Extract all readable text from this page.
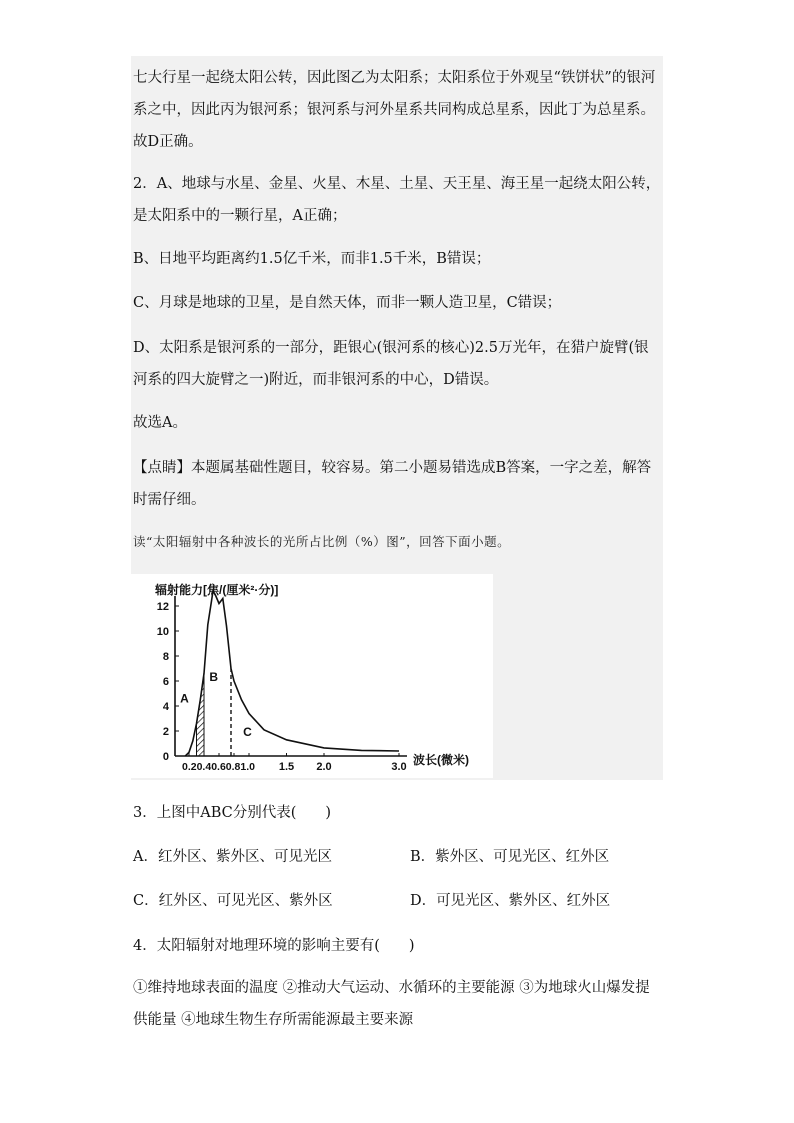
七大行星一起绕太阳公转，因此图乙为太阳系；太阳系位于外观呈“铁饼状”的银河系之中，因此丙为银河系；银河系与河外星系共同构成总星系，因此丁为总星系。故D正确。

2．A、地球与水星、金星、火星、木星、土星、天王星、海王星一起绕太阳公转，是太阳系中的一颗行星，A正确；

B、日地平均距离约1.5亿千米，而非1.5千米，B错误；

C、月球是地球的卫星，是自然天体，而非一颗人造卫星，C错误；

D、太阳系是银河系的一部分，距银心(银河系的核心)2.5万光年，在猎户旋臂(银河系的四大旋臂之一)附近，而非银河系的中心，D错误。

故选A。

【点睛】本题属基础性题目，较容易。第二小题易错选成B答案，一字之差，解答时需仔细。

读“太阳辐射中各种波长的光所占比例（%）图”，回答下面小题。

辐射能力[焦/(厘米²·分)]
波长(微米)
0.20.40.60.81.0
0
2
4
6
8
10
12
1.5 2.0	3.0
A
B
C
3．上图中ABC分别代表(　　)
A．红外区、紫外区、可见光区	B．紫外区、可见光区、红外区
C．红外区、可见光区、紫外区	D．可见光区、紫外区、红外区
4．太阳辐射对地理环境的影响主要有(　　)

①维持地球表面的温度 ②推动大气运动、水循环的主要能源 ③为地球火山爆发提供能量 ④地球生物生存所需能源最主要来源
